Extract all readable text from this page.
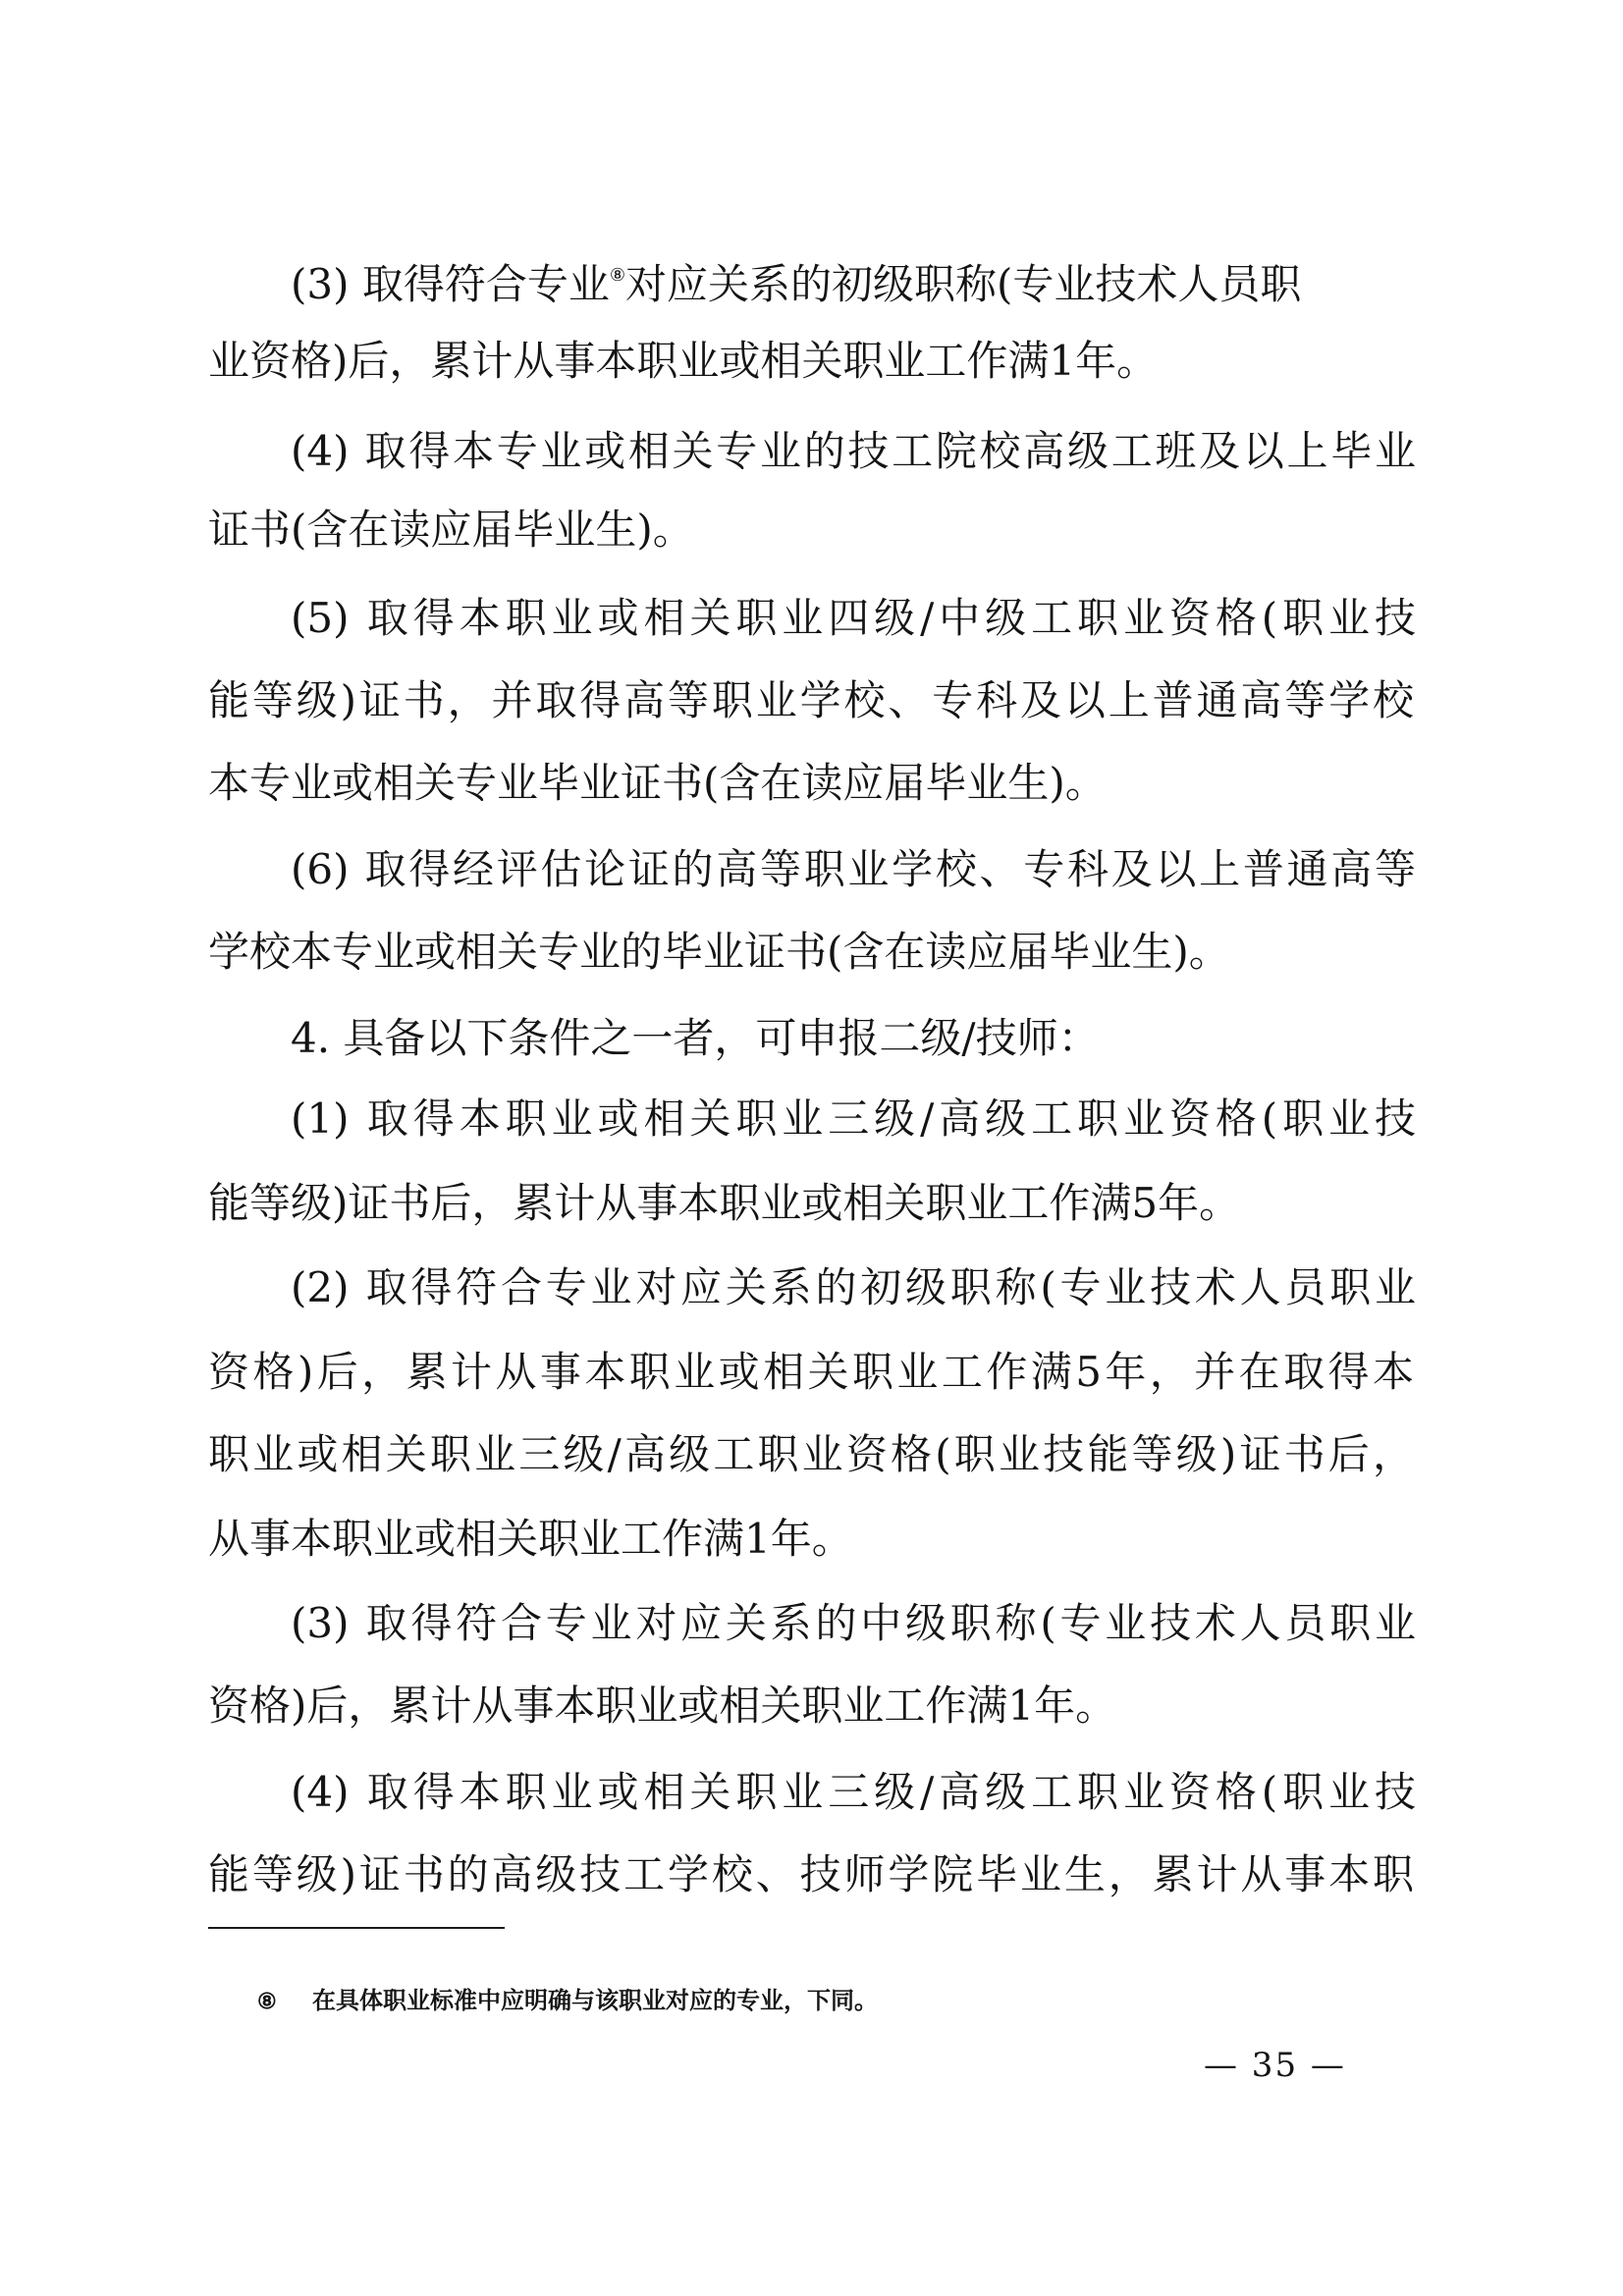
(3) 取得符合专业⑧对应关系的初级职称(专业技术人员职
业资格)后，累计从事本职业或相关职业工作满1年。
(4) 取得本专业或相关专业的技工院校高级工班及以上毕业
证书(含在读应届毕业生)。
(5) 取得本职业或相关职业四级/中级工职业资格(职业技
能等级)证书，并取得高等职业学校、专科及以上普通高等学校
本专业或相关专业毕业证书(含在读应届毕业生)。
(6) 取得经评估论证的高等职业学校、专科及以上普通高等
学校本专业或相关专业的毕业证书(含在读应届毕业生)。
4. 具备以下条件之一者，可申报二级/技师：
(1) 取得本职业或相关职业三级/高级工职业资格(职业技
能等级)证书后，累计从事本职业或相关职业工作满5年。
(2) 取得符合专业对应关系的初级职称(专业技术人员职业
资格)后，累计从事本职业或相关职业工作满5年，并在取得本
职业或相关职业三级/高级工职业资格(职业技能等级)证书后，
从事本职业或相关职业工作满1年。
(3) 取得符合专业对应关系的中级职称(专业技术人员职业
资格)后，累计从事本职业或相关职业工作满1年。
(4) 取得本职业或相关职业三级/高级工职业资格(职业技
能等级)证书的高级技工学校、技师学院毕业生，累计从事本职
⑧ 在具体职业标准中应明确与该职业对应的专业，下同。
— 35 —
